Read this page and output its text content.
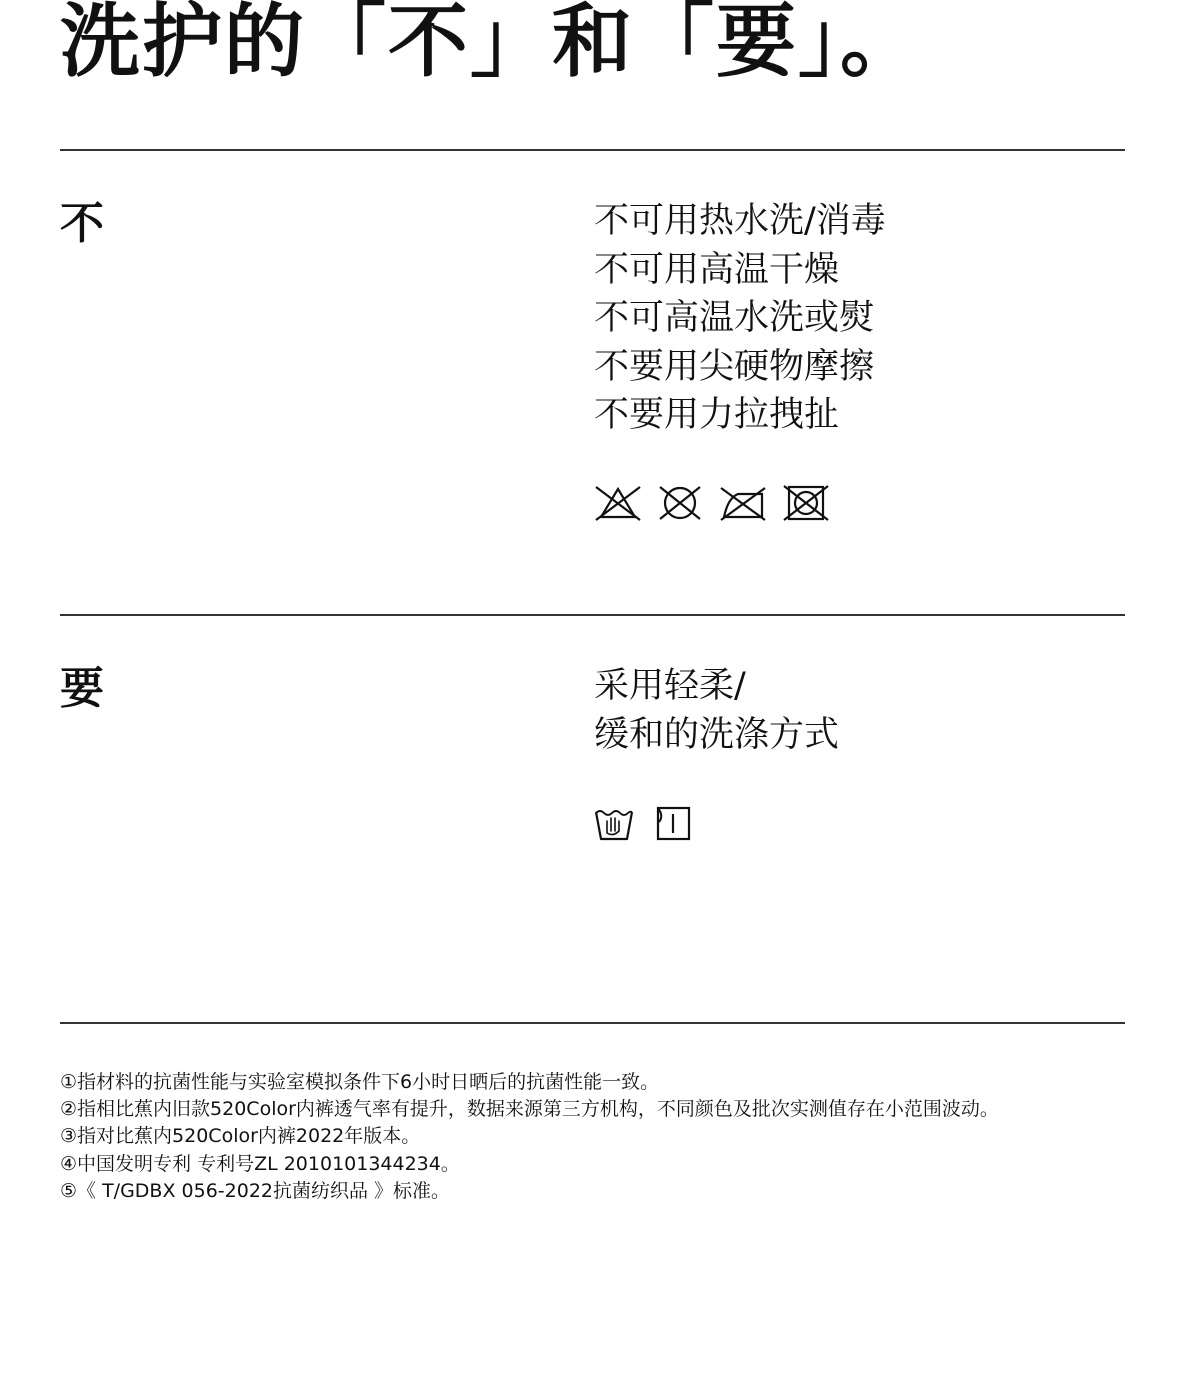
洗护的「不」和「要」。
不	不可用热水洗/消毒
不可用高温干燥
不可高温水洗或熨
不要用尖硬物摩擦
不要用力拉拽扯
要	采用轻柔/
缓和的洗涤方式
①指材料的抗菌性能与实验室模拟条件下6小时日晒后的抗菌性能一致。
②指相比蕉内旧款520Color内裤透气率有提升，数据来源第三方机构，不同颜色及批次实测值存在小范围波动。
③指对比蕉内520Color内裤2022年版本。
④中国发明专利 专利号ZL 2010101344234。
⑤《 T/GDBX 056-2022抗菌纺织品 》标准。
